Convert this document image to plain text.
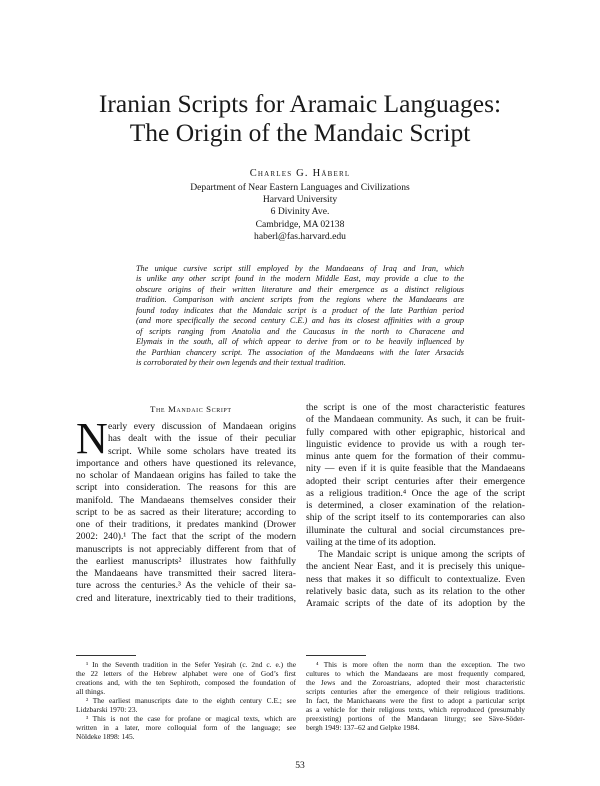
Iranian Scripts for Aramaic Languages:
The Origin of the Mandaic Script
Charles G. Häberl
Department of Near Eastern Languages and Civilizations
Harvard University
6 Divinity Ave.
Cambridge, MA 02138
haberl@fas.harvard.edu
The unique cursive script still employed by the Mandaeans of Iraq and Iran, which
is unlike any other script found in the modern Middle East, may provide a clue to the
obscure origins of their written literature and their emergence as a distinct religious
tradition. Comparison with ancient scripts from the regions where the Mandaeans are
found today indicates that the Mandaic script is a product of the late Parthian period
(and more specifically the second century C.E.) and has its closest affinities with a group
of scripts ranging from Anatolia and the Caucasus in the north to Characene and
Elymais in the south, all of which appear to derive from or to be heavily influenced by
the Parthian chancery script. The association of the Mandaeans with the later Arsacids
is corroborated by their own legends and their textual tradition.
The Mandaic Script
N early every discussion of Mandaean origins
has dealt with the issue of their peculiar
script. While some scholars have treated its
importance and others have questioned its relevance,
no scholar of Mandaean origins has failed to take the
script into consideration. The reasons for this are
manifold. The Mandaeans themselves consider their
script to be as sacred as their literature; according to
one of their traditions, it predates mankind (Drower
2002: 240).¹ The fact that the script of the modern
manuscripts is not appreciably different from that of
the earliest manuscripts² illustrates how faithfully
the Mandaeans have transmitted their sacred litera-
ture across the centuries.³ As the vehicle of their sa-
cred and literature, inextricably tied to their traditions,
the script is one of the most characteristic features
of the Mandaean community. As such, it can be fruit-
fully compared with other epigraphic, historical and
linguistic evidence to provide us with a rough ter-
minus ante quem for the formation of their commu-
nity — even if it is quite feasible that the Mandaeans
adopted their script centuries after their emergence
as a religious tradition.⁴ Once the age of the script
is determined, a closer examination of the relation-
ship of the script itself to its contemporaries can also
illuminate the cultural and social circumstances pre-
vailing at the time of its adoption.
The Mandaic script is unique among the scripts of
the ancient Near East, and it is precisely this unique-
ness that makes it so difficult to contextualize. Even
relatively basic data, such as its relation to the other
Aramaic scripts of the date of its adoption by the
¹ In the Seventh tradition in the Sefer Yeṣirah (c. 2nd c. e.) the
the 22 letters of the Hebrew alphabet were one of God’s first
creations and, with the ten Sephiroth, composed the foundation of
all things.
² The earliest manuscripts date to the eighth century C.E.; see
Lidzbarski 1970: 23.
³ This is not the case for profane or magical texts, which are
written in a later, more colloquial form of the language; see
Nöldeke 1898: 145.
⁴ This is more often the norm than the exception. The two
cultures to which the Mandaeans are most frequently compared,
the Jews and the Zoroastrians, adopted their most characteristic
scripts centuries after the emergence of their religious traditions.
In fact, the Manichaeans were the first to adopt a particular script
as a vehicle for their religious texts, which reproduced (presumably
preexisting) portions of the Mandaean liturgy; see Säve-Söder-
bergh 1949: 137–62 and Gelpke 1984.
53
